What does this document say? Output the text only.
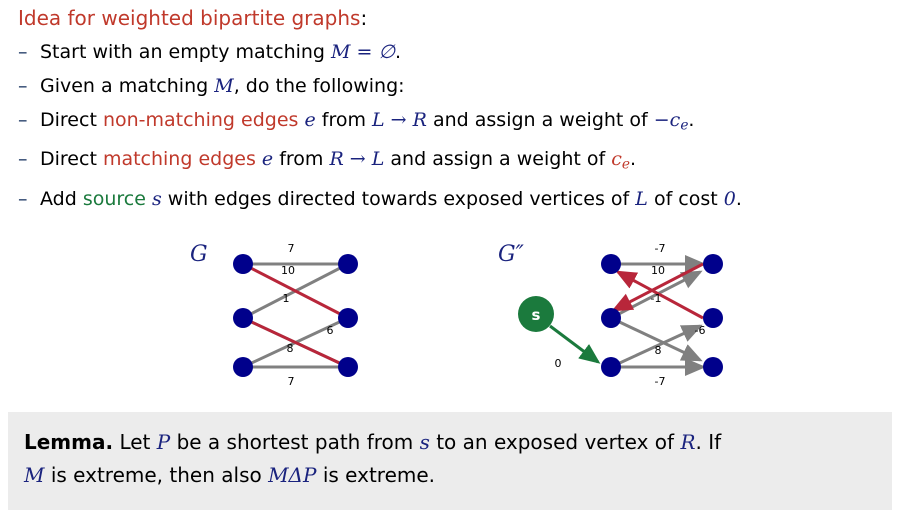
Idea for weighted bipartite graphs:
– Start with an empty matching M = ∅.
– Given a matching M, do the following:
– Direct non-matching edges e from L → R and assign a weight of $-c_e$.
– Direct matching edges e from R → L and assign a weight of $c_e$.
– Add source s with edges directed towards exposed vertices of L of cost 0.
G	G″
7
10
1
6
8
7
s
0
-7
10
-1
-6
8
-7
Lemma. Let P be a shortest path from s to an exposed vertex of R. If
M is extreme, then also MΔP is extreme.
